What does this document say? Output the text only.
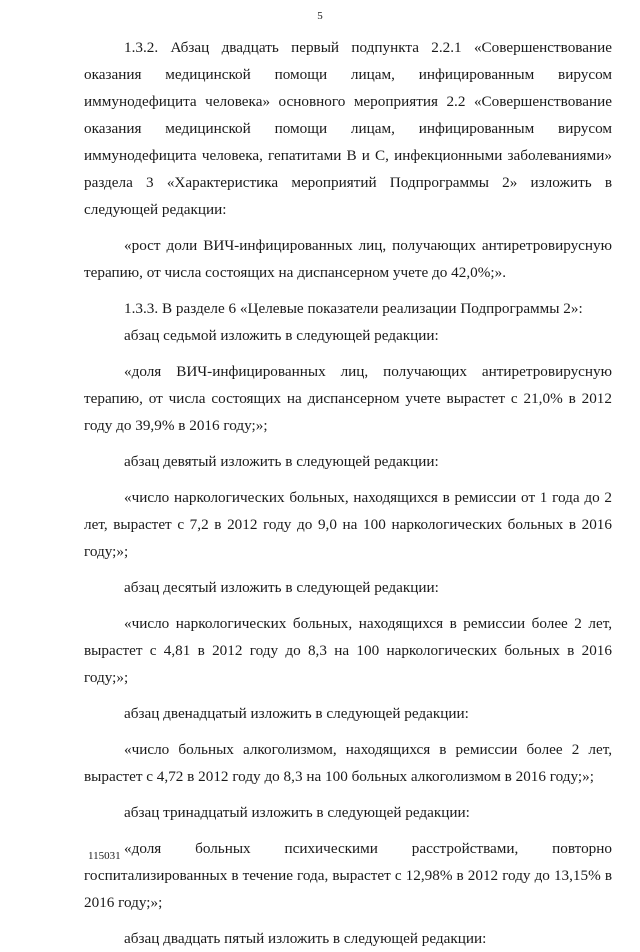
5

1.3.2. Абзац двадцать первый подпункта 2.2.1 «Совершенствование оказания медицинской помощи лицам, инфицированным вирусом иммунодефицита человека» основного мероприятия 2.2 «Совершенствование оказания медицинской помощи лицам, инфицированным вирусом иммунодефицита человека, гепатитами В и С, инфекционными заболеваниями» раздела 3 «Характеристика мероприятий Подпрограммы 2» изложить в следующей редакции:

«рост доли ВИЧ-инфицированных лиц, получающих антиретровирусную терапию, от числа состоящих на диспансерном учете до 42,0%;».

1.3.3. В разделе 6 «Целевые показатели реализации Подпрограммы 2»:

абзац седьмой изложить в следующей редакции:

«доля ВИЧ-инфицированных лиц, получающих антиретровирусную терапию, от числа состоящих на диспансерном учете вырастет с 21,0% в 2012 году до 39,9% в 2016 году;»;

абзац девятый изложить в следующей редакции:

«число наркологических больных, находящихся в ремиссии от 1 года до 2 лет, вырастет с 7,2 в 2012 году до 9,0 на 100 наркологических больных в 2016 году;»;

абзац десятый изложить в следующей редакции:

«число наркологических больных, находящихся в ремиссии более 2 лет, вырастет с 4,81 в 2012 году до 8,3 на 100 наркологических больных в 2016 году;»;

абзац двенадцатый изложить в следующей редакции:

«число больных алкоголизмом, находящихся в ремиссии более 2 лет, вырастет с 4,72 в 2012 году до 8,3 на 100 больных алкоголизмом в 2016 году;»;

абзац тринадцатый изложить в следующей редакции:

«доля больных психическими расстройствами, повторно госпитализированных в течение года, вырастет с 12,98% в 2012 году до 13,15% в 2016 году;»;

абзац двадцать пятый изложить в следующей редакции:

115031
